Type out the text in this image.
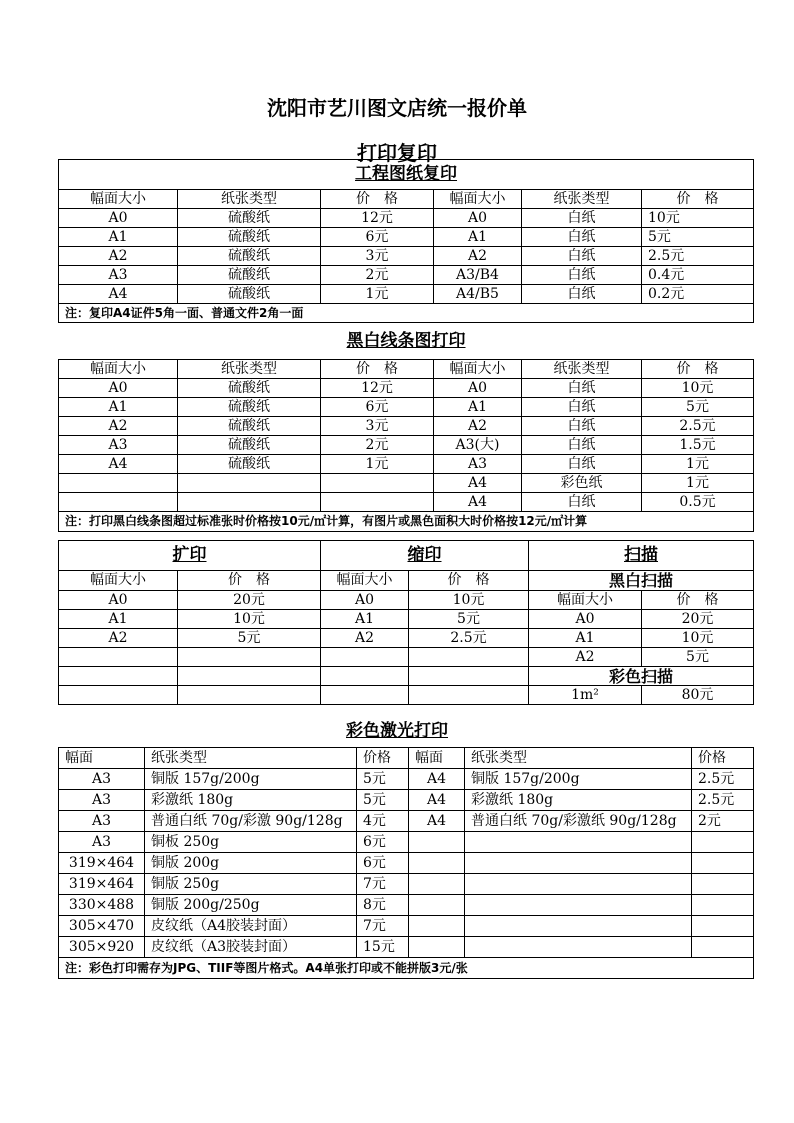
沈阳市艺川图文店统一报价单
打印复印
工程图纸复印					
幅面大小	纸张类型	价　格	幅面大小	纸张类型	价　格
A0	硫酸纸	12元	A0	白纸	10元
A1	硫酸纸	6元	A1	白纸	5元
A2	硫酸纸	3元	A2	白纸	2.5元
A3	硫酸纸	2元	A3/B4	白纸	0.4元
A4	硫酸纸	1元	A4/B5	白纸	0.2元
注：复印A4证件5角一面、普通文件2角一面					
黑白线条图打印					
幅面大小	纸张类型	价　格	幅面大小	纸张类型	价　格
A0	硫酸纸	12元	A0	白纸	10元
A1	硫酸纸	6元	A1	白纸	5元
A2	硫酸纸	3元	A2	白纸	2.5元
A3	硫酸纸	2元	A3(大)	白纸	1.5元
A4	硫酸纸	1元	A3	白纸	1元
			A4	彩色纸	1元
			A4	白纸	0.5元
注：打印黑白线条图超过标准张时价格按10元/㎡计算，有图片或黑色面积大时价格按12元/㎡计算					
扩印		缩印		扫描	
幅面大小	价　格	幅面大小	价　格	黑白扫描	
A0	20元	A0	10元	幅面大小	价　格
A1	10元	A1	5元	A0	20元
A2	5元	A2	2.5元	A1	10元
				A2	5元
				彩色扫描	
				1m²	80元
彩色激光打印
幅面	纸张类型	价格	幅面	纸张类型	价格
A3	铜版 157g/200g	5元	A4	铜版 157g/200g	2.5元
A3	彩激纸 180g	5元	A4	彩激纸 180g	2.5元
A3	普通白纸 70g/彩激 90g/128g	4元	A4	普通白纸 70g/彩激纸 90g/128g	2元
A3	铜板 250g	6元			
319×464	铜版 200g	6元			
319×464	铜版 250g	7元			
330×488	铜版 200g/250g	8元			
305×470	皮纹纸（A4胶装封面）	7元			
305×920	皮纹纸（A3胶装封面）	15元			
注：彩色打印需存为JPG、TIIF等图片格式。A4单张打印或不能拼版3元/张					
